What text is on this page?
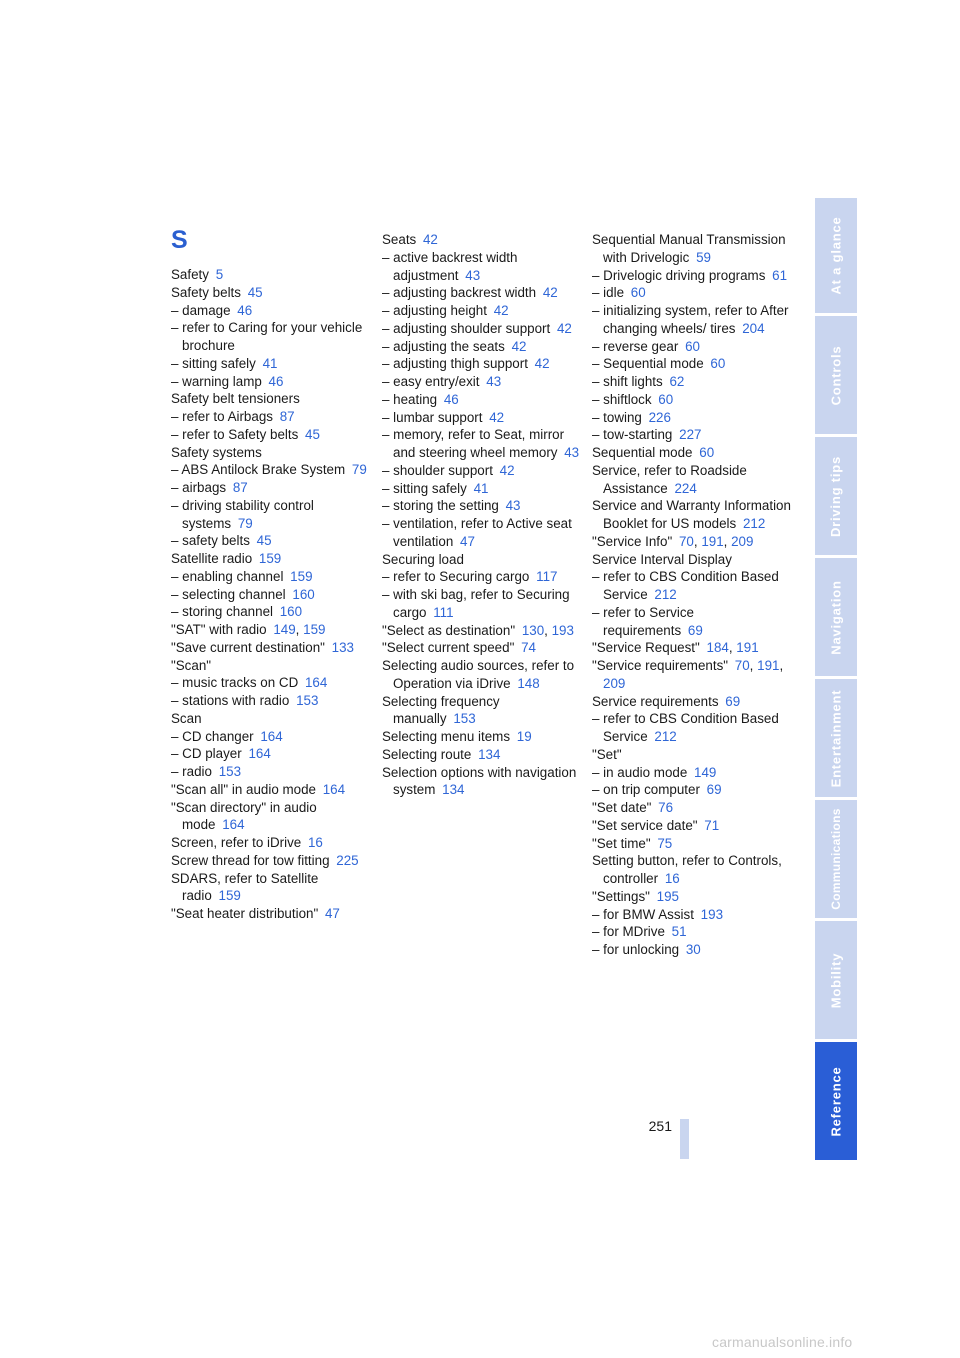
S
Safety 5
Safety belts 45
– damage 46
– refer to Caring for your vehicle brochure
– sitting safely 41
– warning lamp 46
Safety belt tensioners
– refer to Airbags 87
– refer to Safety belts 45
Safety systems
– ABS Antilock Brake System 79
– airbags 87
– driving stability control systems 79
– safety belts 45
Satellite radio 159
– enabling channel 159
– selecting channel 160
– storing channel 160
"SAT" with radio 149, 159
"Save current destination" 133
"Scan"
– music tracks on CD 164
– stations with radio 153
Scan
– CD changer 164
– CD player 164
– radio 153
"Scan all" in audio mode 164
"Scan directory" in audio mode 164
Screen, refer to iDrive 16
Screw thread for tow fitting 225
SDARS, refer to Satellite radio 159
"Seat heater distribution" 47
Seats 42
– active backrest width adjustment 43
– adjusting backrest width 42
– adjusting height 42
– adjusting shoulder support 42
– adjusting the seats 42
– adjusting thigh support 42
– easy entry/exit 43
– heating 46
– lumbar support 42
– memory, refer to Seat, mirror and steering wheel memory 43
– shoulder support 42
– sitting safely 41
– storing the setting 43
– ventilation, refer to Active seat ventilation 47
Securing load
– refer to Securing cargo 117
– with ski bag, refer to Securing cargo 111
"Select as destination" 130, 193
"Select current speed" 74
Selecting audio sources, refer to Operation via iDrive 148
Selecting frequency manually 153
Selecting menu items 19
Selecting route 134
Selection options with navigation system 134
Sequential Manual Transmission with Drivelogic 59
– Drivelogic driving programs 61
– idle 60
– initializing system, refer to After changing wheels/ tires 204
– reverse gear 60
– Sequential mode 60
– shift lights 62
– shiftlock 60
– towing 226
– tow-starting 227
Sequential mode 60
Service, refer to Roadside Assistance 224
Service and Warranty Information Booklet for US models 212
"Service Info" 70, 191, 209
Service Interval Display
– refer to CBS Condition Based Service 212
– refer to Service requirements 69
"Service Request" 184, 191
"Service requirements" 70, 191, 209
Service requirements 69
– refer to CBS Condition Based Service 212
"Set"
– in audio mode 149
– on trip computer 69
"Set date" 76
"Set service date" 71
"Set time" 75
Setting button, refer to Controls, controller 16
"Settings" 195
– for BMW Assist 193
– for MDrive 51
– for unlocking 30
At a glance
Controls
Driving tips
Navigation
Entertainment
Communications
Mobility
Reference
251
carmanualsonline.info
